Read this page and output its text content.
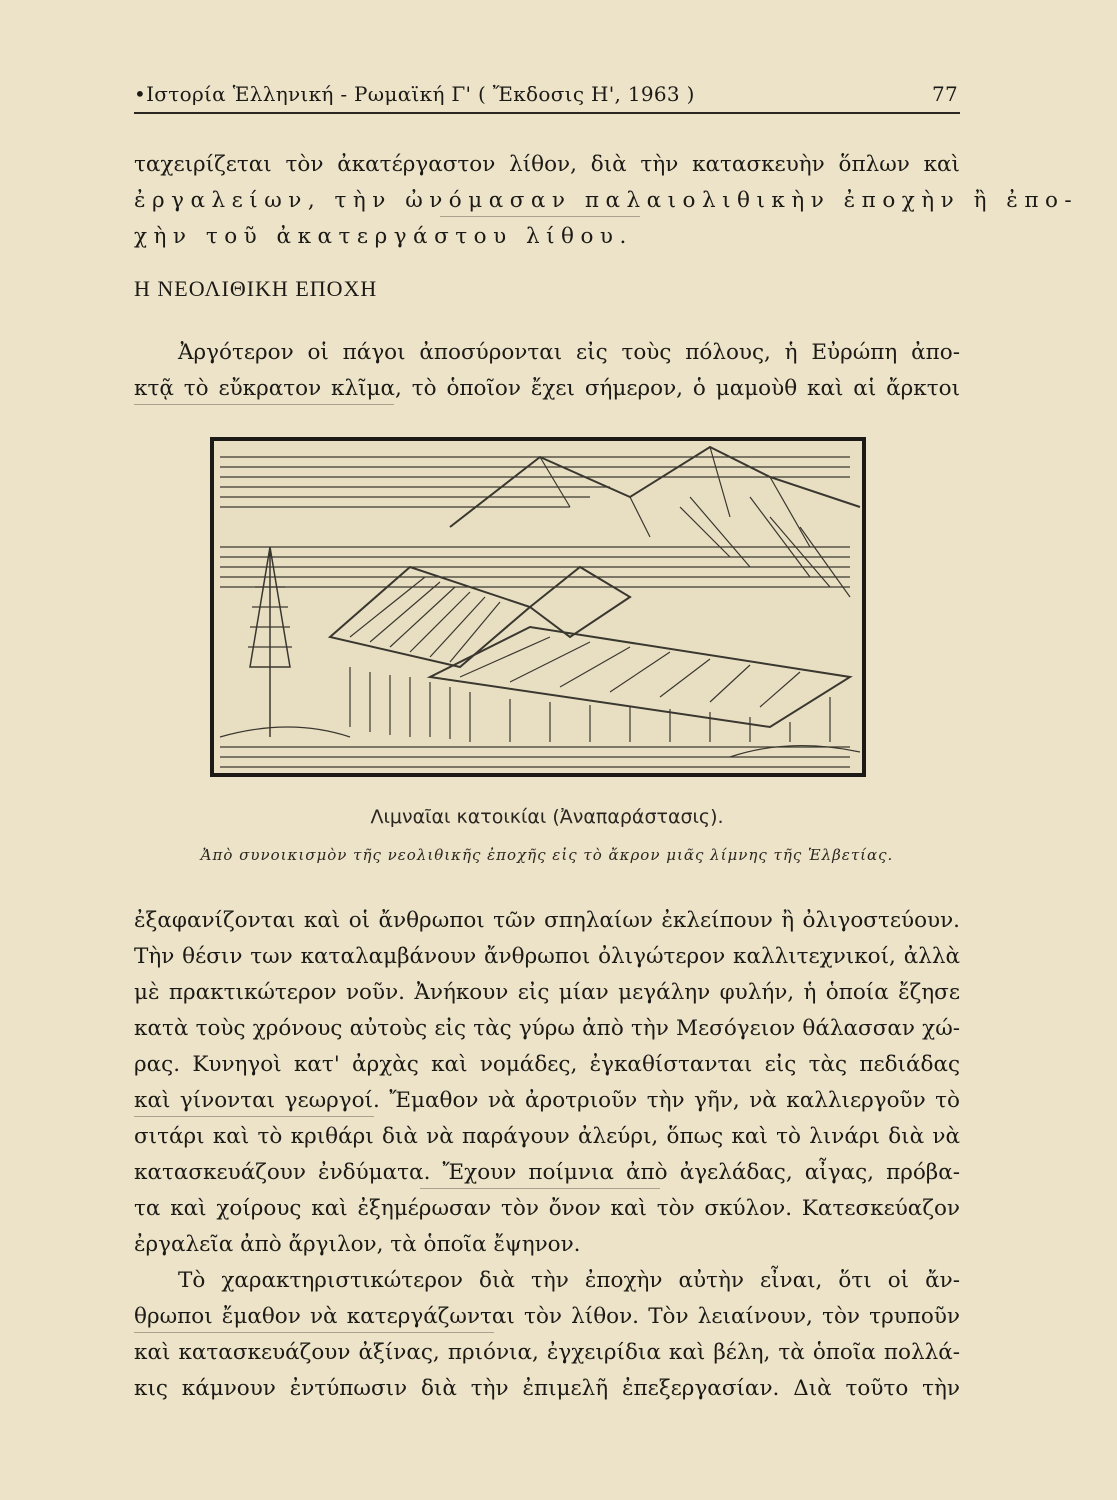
•Ιστορία Ἑλληνική - Ρωμαϊκή Γ' ( Ἔκδοσις Η', 1963 )	77
ταχειρίζεται τὸν ἀκατέργαστον λίθον, διὰ τὴν κατασκευὴν ὅπλων καὶ
ἐργαλείων, τὴν ὠνόμασαν παλαιολιθικὴν ἐποχὴν ἢ ἐπο-
χὴν τοῦ ἀκατεργάστου λίθου.
Η ΝΕΟΛΙΘΙΚΗ ΕΠΟΧΗ
Ἀργότερον οἱ πάγοι ἀποσύρονται εἰς τοὺς πόλους, ἡ Εὐρώπη ἀπο-
κτᾷ τὸ εὔκρατον κλῖμα, τὸ ὁποῖον ἔχει σήμερον, ὁ μαμοὺθ καὶ αἱ ἄρκτοι
Λιμναῖαι κατοικίαι (Ἀναπαράστασις).
Ἀπὸ συνοικισμὸν τῆς νεολιθικῆς ἐποχῆς εἰς τὸ ἄκρον μιᾶς λίμνης τῆς Ἑλβετίας.
ἐξαφανίζονται καὶ οἱ ἄνθρωποι τῶν σπηλαίων ἐκλείπουν ἢ ὀλιγοστεύουν.
Τὴν θέσιν των καταλαμβάνουν ἄνθρωποι ὀλιγώτερον καλλιτεχνικοί, ἀλλὰ
μὲ πρακτικώτερον νοῦν. Ἀνήκουν εἰς μίαν μεγάλην φυλήν, ἡ ὁποία ἔζησε
κατὰ τοὺς χρόνους αὐτοὺς εἰς τὰς γύρω ἀπὸ τὴν Μεσόγειον θάλασσαν χώ-
ρας. Κυνηγοὶ κατ' ἀρχὰς καὶ νομάδες, ἐγκαθίστανται εἰς τὰς πεδιάδας
καὶ γίνονται γεωργοί. Ἔμαθον νὰ ἀροτριοῦν τὴν γῆν, νὰ καλλιεργοῦν τὸ
σιτάρι καὶ τὸ κριθάρι διὰ νὰ παράγουν ἀλεύρι, ὅπως καὶ τὸ λινάρι διὰ νὰ
κατασκευάζουν ἐνδύματα. Ἔχουν ποίμνια ἀπὸ ἀγελάδας, αἶγας, πρόβα-
τα καὶ χοίρους καὶ ἐξημέρωσαν τὸν ὄνον καὶ τὸν σκύλον. Κατεσκεύαζον
ἐργαλεῖα ἀπὸ ἄργιλον, τὰ ὁποῖα ἔψηνον.
Τὸ χαρακτηριστικώτερον διὰ τὴν ἐποχὴν αὐτὴν εἶναι, ὅτι οἱ ἄν-
θρωποι ἔμαθον νὰ κατεργάζωνται τὸν λίθον. Τὸν λειαίνουν, τὸν τρυποῦν
καὶ κατασκευάζουν ἀξίνας, πριόνια, ἐγχειρίδια καὶ βέλη, τὰ ὁποῖα πολλά-
κις κάμνουν ἐντύπωσιν διὰ τὴν ἐπιμελῆ ἐπεξεργασίαν. Διὰ τοῦτο τὴν
